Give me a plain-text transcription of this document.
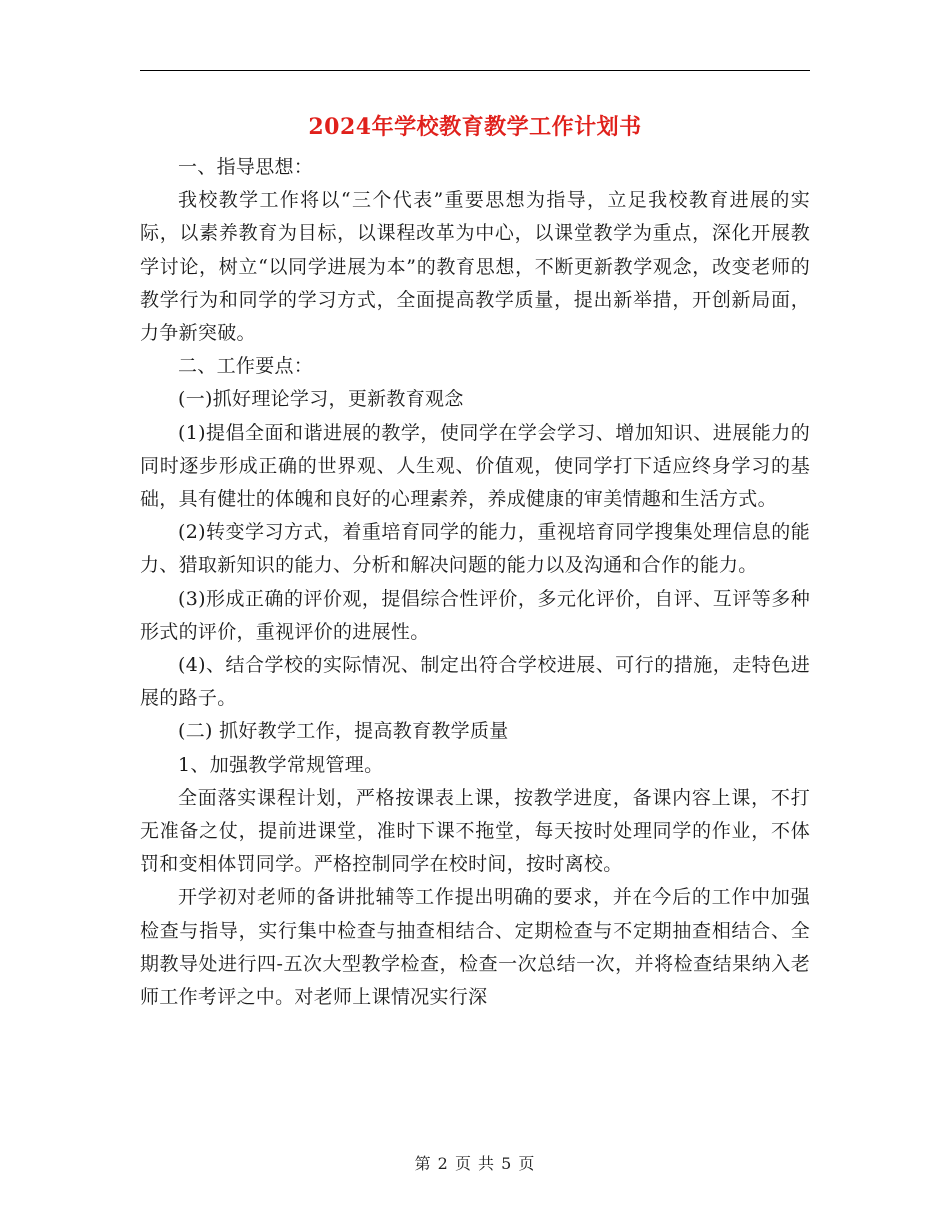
2024年学校教育教学工作计划书

一、指导思想：

我校教学工作将以“三个代表”重要思想为指导，立足我校教育进展的实际，以素养教育为目标，以课程改革为中心，以课堂教学为重点，深化开展教学讨论，树立“以同学进展为本”的教育思想，不断更新教学观念，改变老师的教学行为和同学的学习方式，全面提高教学质量，提出新举措，开创新局面，力争新突破。

二、工作要点：

(一)抓好理论学习，更新教育观念

(1)提倡全面和谐进展的教学，使同学在学会学习、增加知识、进展能力的同时逐步形成正确的世界观、人生观、价值观，使同学打下适应终身学习的基础，具有健壮的体魄和良好的心理素养，养成健康的审美情趣和生活方式。

(2)转变学习方式，着重培育同学的能力，重视培育同学搜集处理信息的能力、猎取新知识的能力、分析和解决问题的能力以及沟通和合作的能力。

(3)形成正确的评价观，提倡综合性评价，多元化评价，自评、互评等多种形式的评价，重视评价的进展性。

(4)、结合学校的实际情况、制定出符合学校进展、可行的措施，走特色进展的路子。

(二) 抓好教学工作，提高教育教学质量

1、加强教学常规管理。

全面落实课程计划，严格按课表上课，按教学进度，备课内容上课，不打无准备之仗，提前进课堂，准时下课不拖堂，每天按时处理同学的作业，不体罚和变相体罚同学。严格控制同学在校时间，按时离校。

开学初对老师的备讲批辅等工作提出明确的要求，并在今后的工作中加强检查与指导，实行集中检查与抽查相结合、定期检查与不定期抽查相结合、全期教导处进行四-五次大型教学检查，检查一次总结一次，并将检查结果纳入老师工作考评之中。对老师上课情况实行深

第 2 页 共 5 页
